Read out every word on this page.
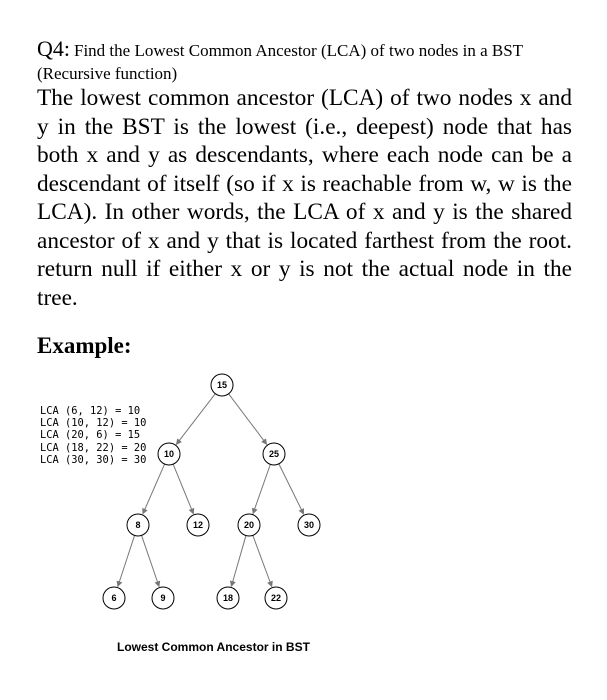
Q4: Find the Lowest Common Ancestor (LCA) of two nodes in a BST
(Recursive function)
The lowest common ancestor (LCA) of two nodes x and y in the BST is the lowest (i.e., deepest) node that has both x and y as descendants, where each node can be a descendant of itself (so if x is reachable from w, w is the LCA). In other words, the LCA of x and y is the shared ancestor of x and y that is located farthest from the root. return null if either x or y is not the actual node in the tree.
Example:
LCA (6, 12) = 10
LCA (10, 12) = 10
LCA (20, 6) = 15
LCA (18, 22) = 20
LCA (30, 30) = 30
15
10	25
8	12	20	30
6	9	18	22
Lowest Common Ancestor in BST
